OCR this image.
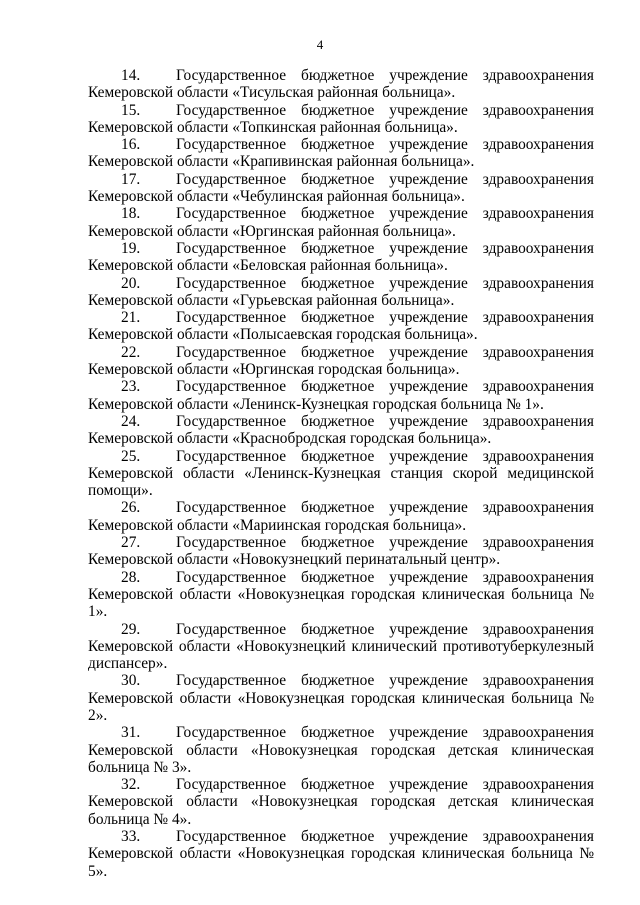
4
14.	Государственное бюджетное учреждение здравоохранения
Кемеровской области «Тисульская районная больница».
15.	Государственное бюджетное учреждение здравоохранения
Кемеровской области «Топкинская районная больница».
16.	Государственное бюджетное учреждение здравоохранения
Кемеровской области «Крапивинская районная больница».
17.	Государственное бюджетное учреждение здравоохранения
Кемеровской области «Чебулинская районная больница».
18.	Государственное бюджетное учреждение здравоохранения
Кемеровской области «Юргинская районная больница».
19.	Государственное бюджетное учреждение здравоохранения
Кемеровской области «Беловская районная больница».
20.	Государственное бюджетное учреждение здравоохранения
Кемеровской области «Гурьевская районная больница».
21.	Государственное бюджетное учреждение здравоохранения
Кемеровской области «Полысаевская городская больница».
22.	Государственное бюджетное учреждение здравоохранения
Кемеровской области «Юргинская городская больница».
23.	Государственное бюджетное учреждение здравоохранения
Кемеровской области «Ленинск-Кузнецкая городская больница № 1».
24.	Государственное бюджетное учреждение здравоохранения
Кемеровской области «Краснобродская городская больница».
25.	Государственное бюджетное учреждение здравоохранения
Кемеровской области «Ленинск-Кузнецкая станция скорой медицинской помощи».
26.	Государственное бюджетное учреждение здравоохранения
Кемеровской области «Мариинская городская больница».
27.	Государственное бюджетное учреждение здравоохранения
Кемеровской области «Новокузнецкий перинатальный центр».
28.	Государственное бюджетное учреждение здравоохранения
Кемеровской области «Новокузнецкая городская клиническая больница № 1».
29.	Государственное бюджетное учреждение здравоохранения
Кемеровской области «Новокузнецкий клинический противотуберкулезный диспансер».
30.	Государственное бюджетное учреждение здравоохранения
Кемеровской области «Новокузнецкая городская клиническая больница № 2».
31.	Государственное бюджетное учреждение здравоохранения
Кемеровской области «Новокузнецкая городская детская клиническая больница № 3».
32.	Государственное бюджетное учреждение здравоохранения
Кемеровской области «Новокузнецкая городская детская клиническая больница № 4».
33.	Государственное бюджетное учреждение здравоохранения
Кемеровской области «Новокузнецкая городская клиническая больница № 5».
